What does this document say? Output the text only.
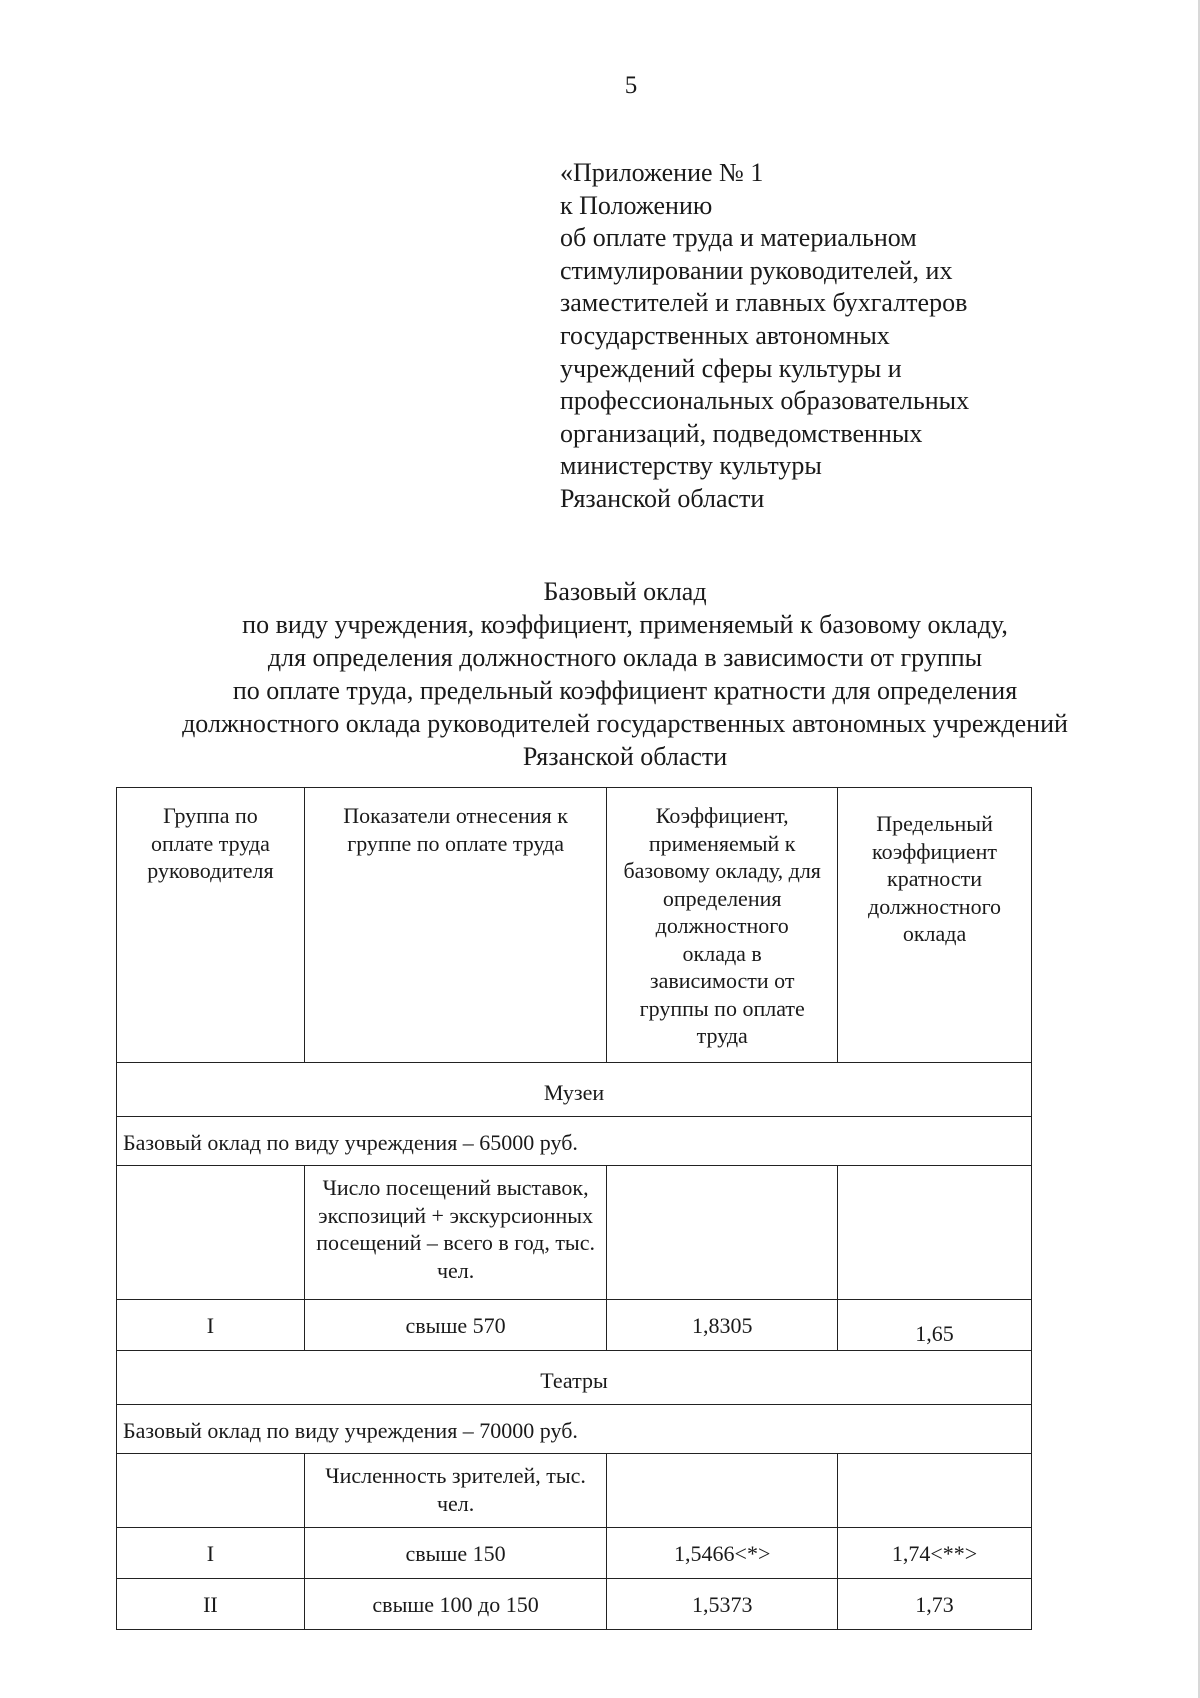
5
«Приложение № 1
к Положению
об оплате труда и материальном
стимулировании руководителей, их
заместителей и главных бухгалтеров
государственных автономных
учреждений сферы культуры и
профессиональных образовательных
организаций, подведомственных
министерству культуры
Рязанской области
Базовый оклад
по виду учреждения, коэффициент, применяемый к базовому окладу,
для определения должностного оклада в зависимости от группы
по оплате труда, предельный коэффициент кратности для определения
должностного оклада руководителей государственных автономных учреждений
Рязанской области
Группа по оплате труда руководителя	Показатели отнесения к группе по оплате труда	Коэффициент, применяемый к базовому окладу, для определения должностного оклада в зависимости от группы по оплате труда	Предельный коэффициент кратности должностного оклада
Музеи			
Базовый оклад по виду учреждения – 65000 руб.			
	Число посещений выставок, экспозиций + экскурсионных посещений – всего в год, тыс. чел.		
I	свыше 570	1,8305	1,65
Театры			
Базовый оклад по виду учреждения – 70000 руб.			
	Численность зрителей, тыс. чел.		
I	свыше 150	1,5466<*>	1,74<**>
II	свыше 100 до 150	1,5373	1,73
